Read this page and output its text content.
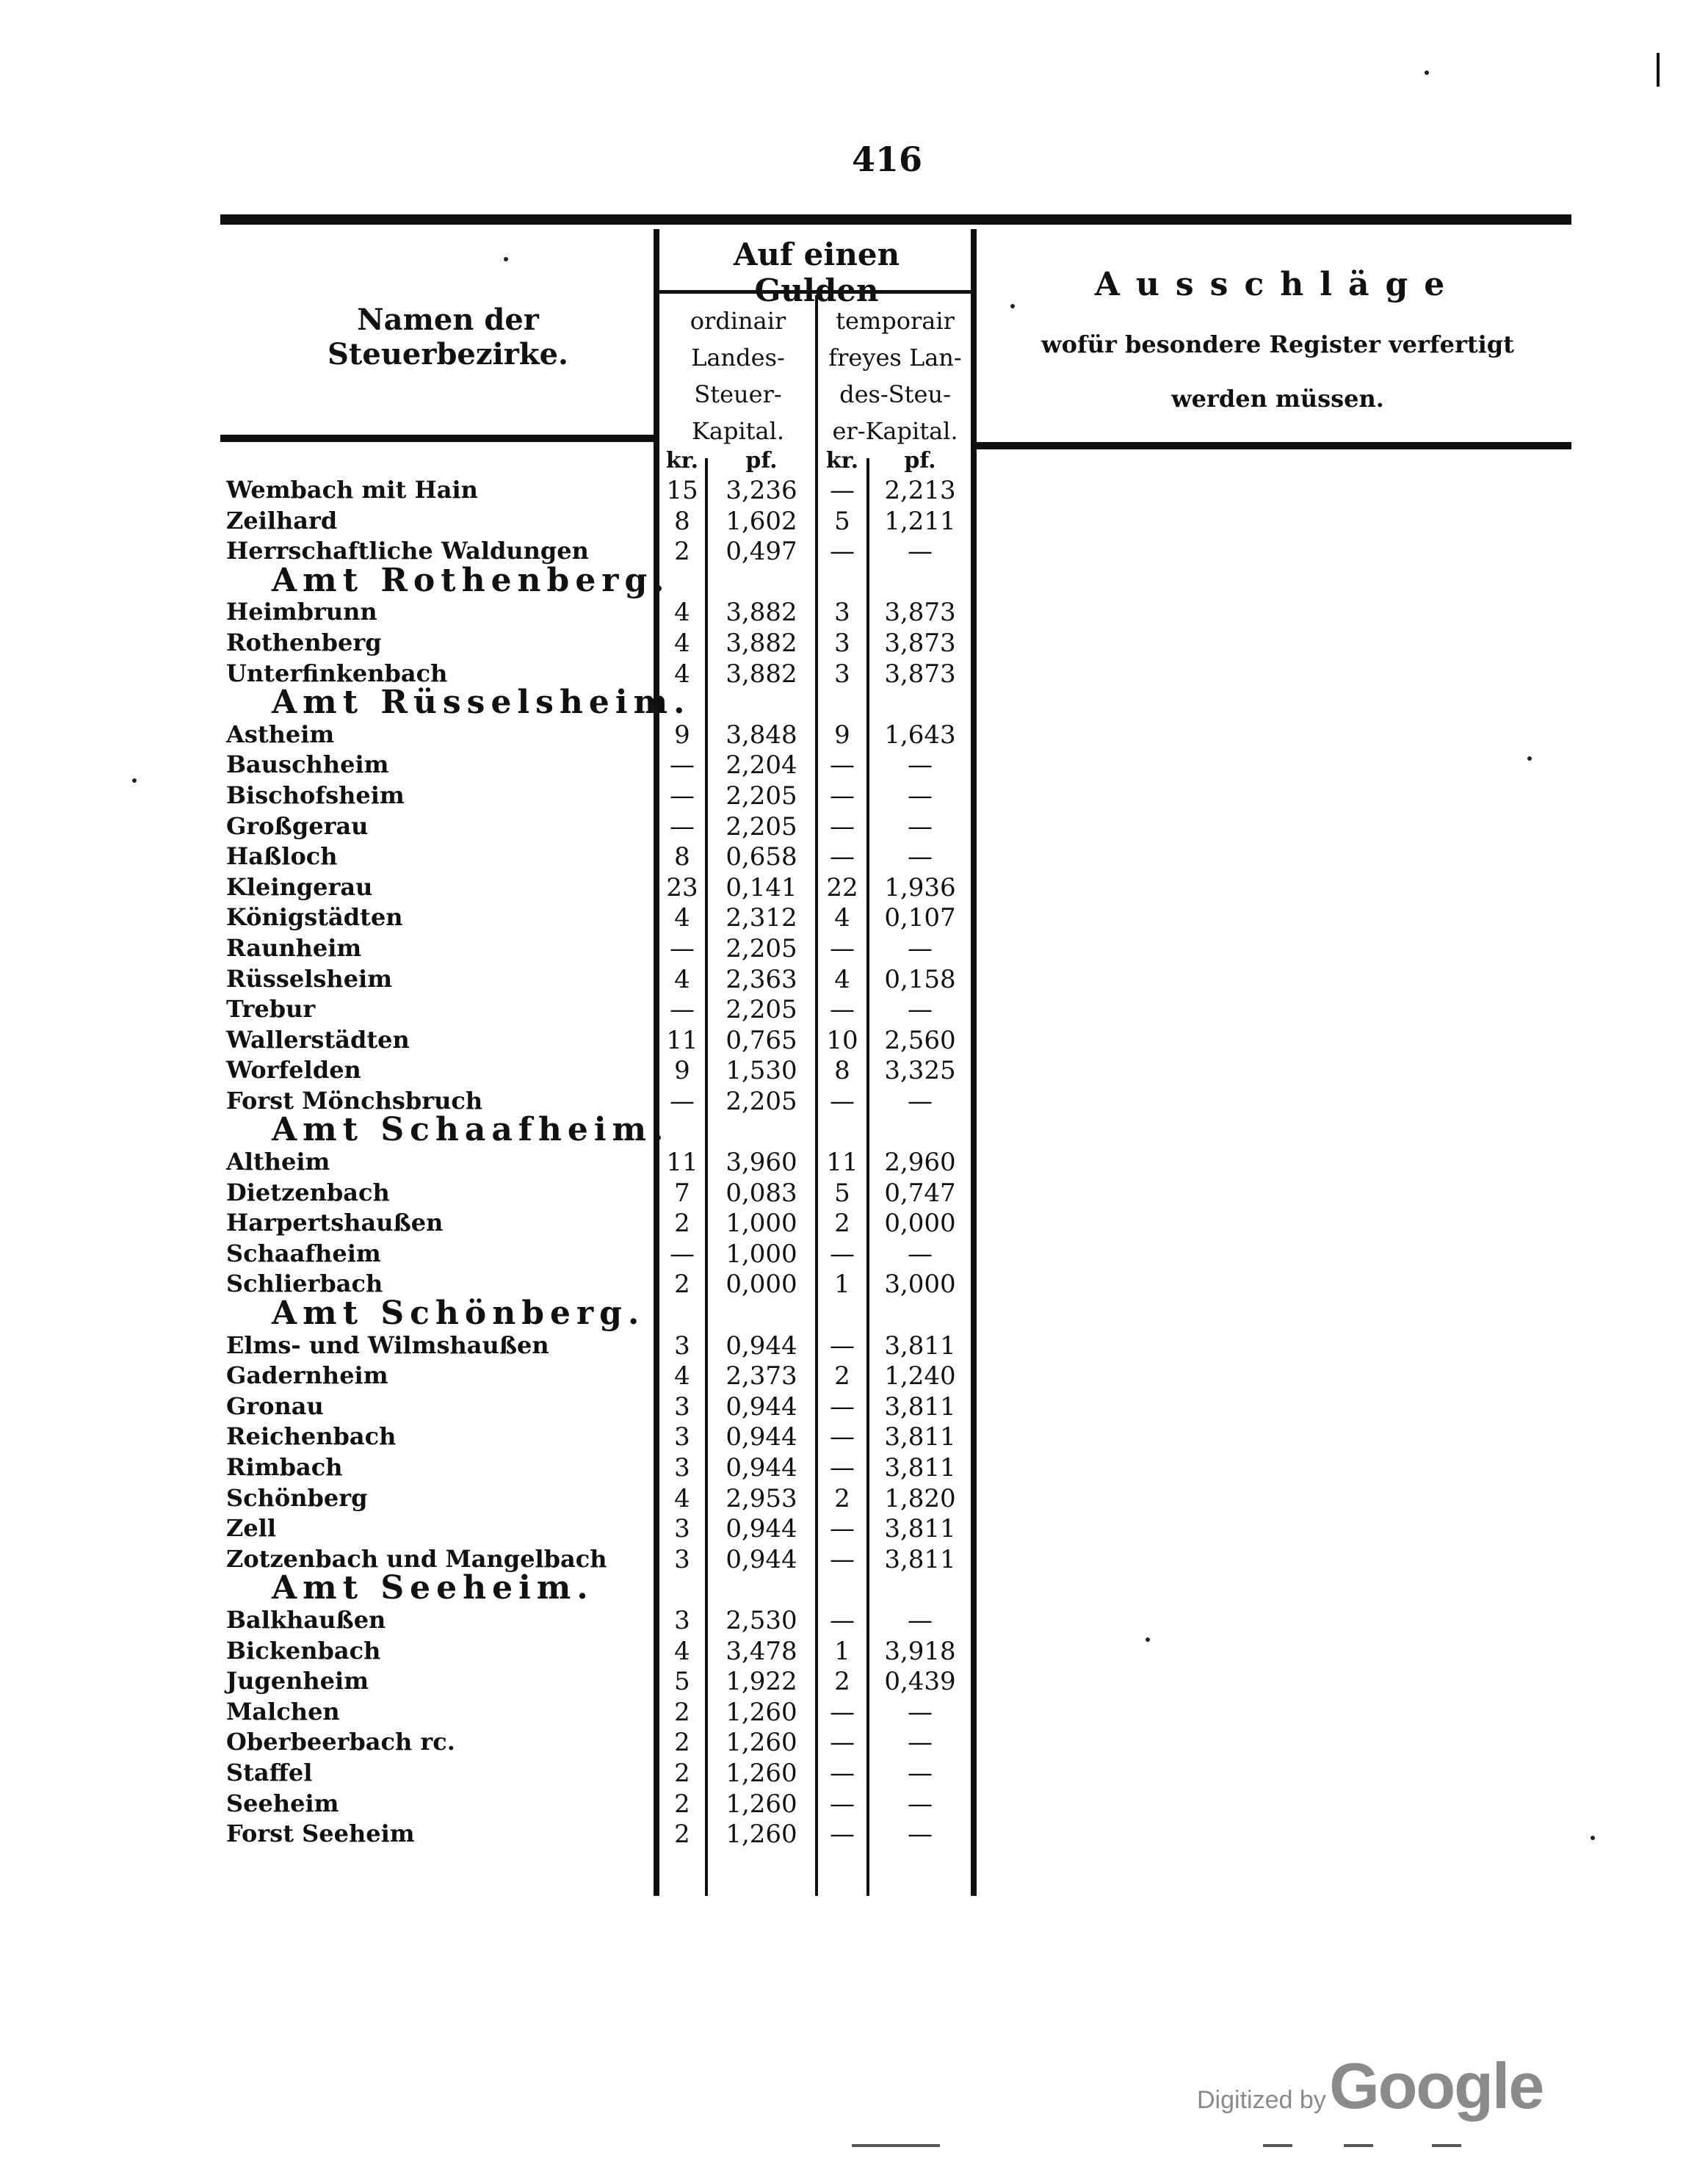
416
Namen der Steuerbezirke.
Auf einen Gulden
ordinair
Landes-
Steuer-
Kapital.
temporair
freyes Lan-
des-Steu-
er-Kapital.
Ausschläge
wofür besondere Register verfertigt
werden müssen.
kr.	pf.	kr.	pf.
Wembach mit Hain	15	3,236	—	2,213
Zeilhard	8	1,602	5	1,211
Herrschaftliche Waldungen	2	0,497	—	—
Amt Rothenberg.
Heimbrunn	4	3,882	3	3,873
Rothenberg	4	3,882	3	3,873
Unterfinkenbach	4	3,882	3	3,873
Amt Rüsselsheim.
Astheim	9	3,848	9	1,643
Bauschheim	—	2,204	—	—
Bischofsheim	—	2,205	—	—
Großgerau	—	2,205	—	—
Haßloch	8	0,658	—	—
Kleingerau	23	0,141	22	1,936
Königstädten	4	2,312	4	0,107
Raunheim	—	2,205	—	—
Rüsselsheim	4	2,363	4	0,158
Trebur	—	2,205	—	—
Wallerstädten	11	0,765	10	2,560
Worfelden	9	1,530	8	3,325
Forst Mönchsbruch	—	2,205	—	—
Amt Schaafheim.
Altheim	11	3,960	11	2,960
Dietzenbach	7	0,083	5	0,747
Harpertshaußen	2	1,000	2	0,000
Schaafheim	—	1,000	—	—
Schlierbach	2	0,000	1	3,000
Amt Schönberg.
Elms- und Wilmshaußen	3	0,944	—	3,811
Gadernheim	4	2,373	2	1,240
Gronau	3	0,944	—	3,811
Reichenbach	3	0,944	—	3,811
Rimbach	3	0,944	—	3,811
Schönberg	4	2,953	2	1,820
Zell	3	0,944	—	3,811
Zotzenbach und Mangelbach	3	0,944	—	3,811
Amt Seeheim.
Balkhaußen	3	2,530	—	—
Bickenbach	4	3,478	1	3,918
Jugenheim	5	1,922	2	0,439
Malchen	2	1,260	—	—
Oberbeerbach rc.	2	1,260	—	—
Staffel	2	1,260	—	—
Seeheim	2	1,260	—	—
Forst Seeheim	2	1,260	—	—
Digitized by Google
